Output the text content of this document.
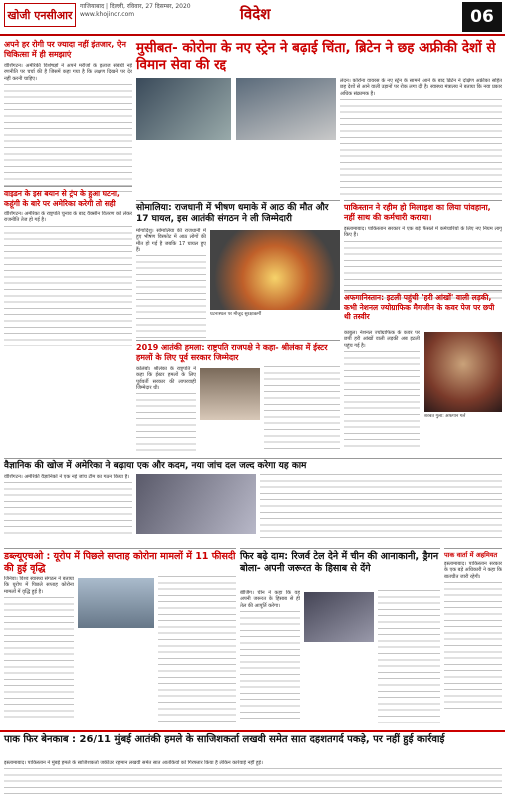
खोजी एनसीआर
गाजियाबाद | दिल्ली, रविवार, 27 दिसम्बर, 2020
www.khojincr.com	विदेश	06
अपने हर रोगी पर ज्यादा नहीं इंतजार, ऐन चिकित्सा में ही समझाएं
वॉशिंगटन। अमेरिकी विशेषज्ञों ने अपने मरीजों के इलाज संबंधी नई रणनीति पर चर्चा की है जिसमें कहा गया है कि लक्षण दिखने पर देर नहीं करनी चाहिए।
मुसीबत- कोरोना के नए स्ट्रेन ने बढ़ाई चिंता, ब्रिटेन ने छह अफ्रीकी देशों से विमान सेवा की रद्द
लंदन। कोरोना वायरस के नए स्ट्रेन के सामने आने के बाद ब्रिटेन ने दक्षिण अफ्रीका सहित छह देशों से आने वाली उड़ानों पर रोक लगा दी है। स्वास्थ्य मंत्रालय ने बताया कि नया प्रकार अधिक संक्रामक है।
वाइडन के इस बयान से ट्रंप के हुआ घटना, कहूंगी के बारे पर अमेरिका करेगी तो सही
वॉशिंगटन। अमेरिका के राष्ट्रपति चुनाव के बाद वैक्सीन वितरण को लेकर राजनीति तेज हो गई है।
सोमालिया: राजधानी में भीषण धमाके में आठ की मौत और 17 घायल, इस आतंकी संगठन ने ली जिम्मेदारी
मोगादिशु। सोमालिया की राजधानी में हुए भीषण विस्फोट में आठ लोगों की मौत हो गई है जबकि 17 घायल हुए हैं।
घटनास्थल पर मौजूद सुरक्षाकर्मी
पाकिस्तान ने रहीम हो मिलाइश का लिया पांवहाना, नहीं साथ की कर्मचारी कराया।
इस्लामाबाद। पाकिस्तान सरकार ने एक बड़े फैसले में कर्मचारियों के लिए नए नियम लागू किए हैं।
2019 आतंकी हमला: राष्ट्रपति राजपक्षे ने कहा- श्रीलंका में ईस्टर हमलों के लिए पूर्व सरकार जिम्मेदार
कोलंबो। श्रीलंका के राष्ट्रपति ने कहा कि ईस्टर हमलों के लिए पूर्ववर्ती सरकार की लापरवाही जिम्मेदार थी।
अफगानिस्तान: इटली पहुंची 'हरी आंखों' वाली लड़की, कभी नेशनल ज्योग्राफिक मैगजीन के कवर पेज पर छपी थी तस्वीर
काबुल। नेशनल ज्योग्राफिक के कवर पर छपी हरी आंखों वाली लड़की अब इटली पहुंच गई है।
शरबत गुला: अफगान गर्ल
वैज्ञानिक की खोज में अमेरिका ने बढ़ाया एक और कदम, नया जांच दल जल्द करेगा यह काम
वॉशिंगटन। अमेरिकी वैज्ञानिकों ने एक नई जांच टीम का गठन किया है।
डब्ल्यूएचओ : यूरोप में पिछले सप्ताह कोरोना मामलों में 11 फीसदी की हुई वृद्धि
जिनेवा। विश्व स्वास्थ्य संगठन ने बताया कि यूरोप में पिछले सप्ताह कोरोना मामलों में वृद्धि हुई है।
फिर बढ़े दाम: रिजर्व टेल देने में चीन की आनाकानी, ड्रैगन बोला- अपनी जरूरत के हिसाब से देंगे
बीजिंग। चीन ने कहा कि वह अपनी जरूरत के हिसाब से ही तेल की आपूर्ति करेगा।
पाक वार्ता में अहमियत
इस्लामाबाद। पाकिस्तान सरकार के एक बड़े अधिकारी ने कहा कि बातचीत जारी रहेगी।
पाक फिर बेनकाब : 26/11 मुंबई आतंकी हमले के साजिशकर्ता लखवी समेत सात दहशतगर्द पकड़े, पर नहीं हुई कार्रवाई
इस्लामाबाद। पाकिस्तान ने मुंबई हमले के साजिशकर्ता जकीउर रहमान लखवी समेत सात आतंकियों को गिरफ्तार किया है लेकिन कार्रवाई नहीं हुई।
